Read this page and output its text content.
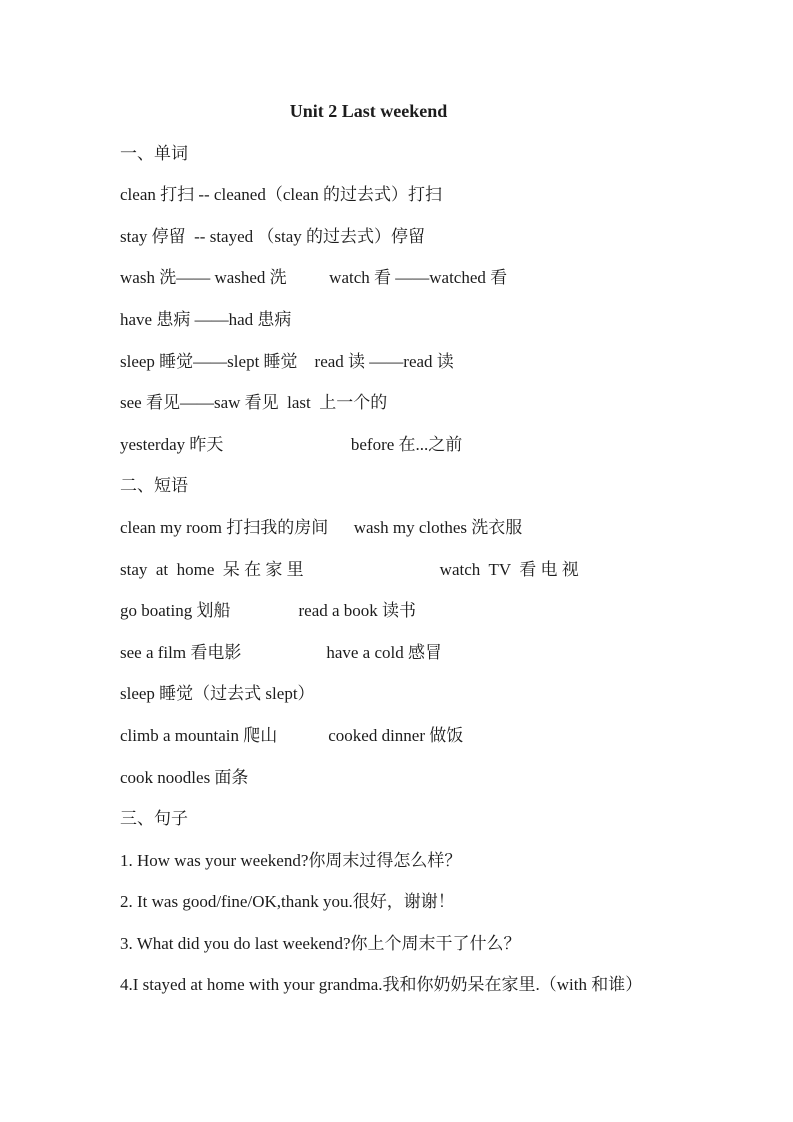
Unit 2 Last weekend
一、单词
clean 打扫 -- cleaned（clean 的过去式）打扫
stay 停留  -- stayed （stay 的过去式）停留
wash 洗—— washed 洗          watch 看 ——watched 看
have 患病 ——had 患病
sleep 睡觉——slept 睡觉    read 读 ——read 读
see 看见——saw 看见  last  上一个的
yesterday 昨天                              before 在...之前
二、短语
clean my room 打扫我的房间      wash my clothes 洗衣服
stay  at  home  呆 在 家 里                                watch  TV  看 电 视
go boating 划船                read a book 读书
see a film 看电影                    have a cold 感冒
sleep 睡觉（过去式 slept）
climb a mountain 爬山            cooked dinner 做饭
cook noodles 面条
三、句子
1. How was your weekend?你周末过得怎么样？
2. It was good/fine/OK,thank you.很好，谢谢！
3. What did you do last weekend?你上个周末干了什么？
4.I stayed at home with your grandma.我和你奶奶呆在家里.（with 和谁）
